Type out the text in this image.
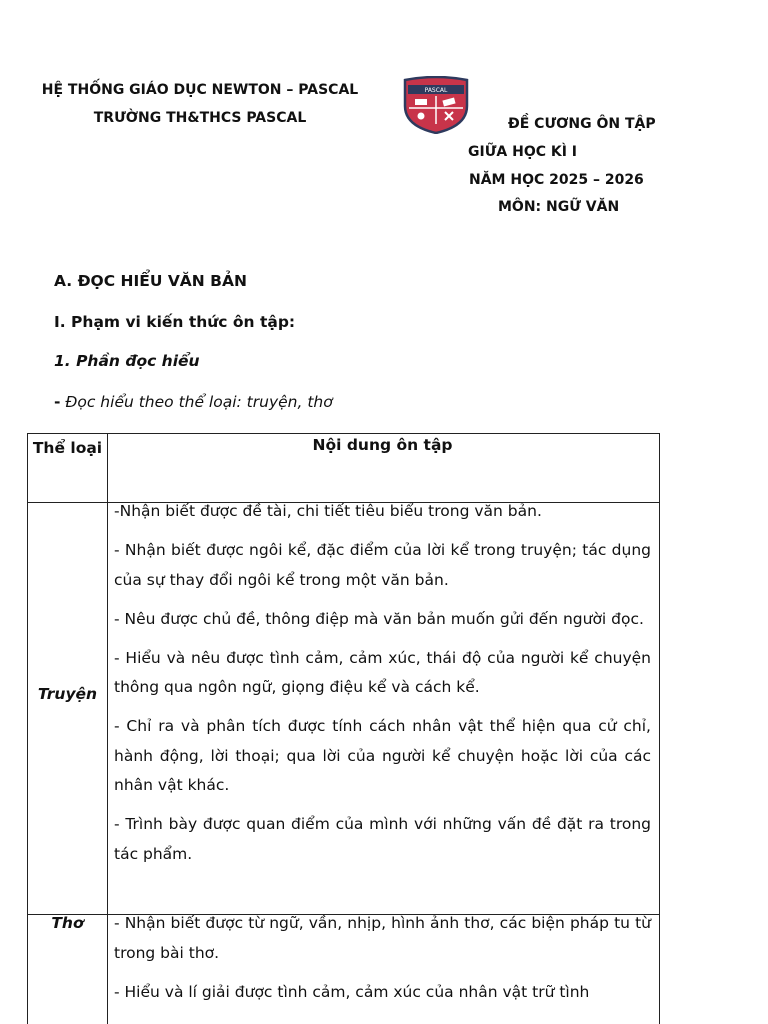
HỆ THỐNG GIÁO DỤC NEWTON – PASCAL
TRƯỜNG TH&THCS PASCAL
PASCAL
ĐỀ CƯƠNG ÔN TẬP
GIỮA HỌC KÌ I
NĂM HỌC 2025 – 2026
MÔN: NGỮ VĂN
A. ĐỌC HIỂU VĂN BẢN
I. Phạm vi kiến thức ôn tập:
1. Phần đọc hiểu
- Đọc hiểu theo thể loại: truyện, thơ
Thể loại	Nội dung ôn tập
Truyện
-Nhận biết được đề tài, chi tiết tiêu biểu trong văn bản.
- Nhận biết được ngôi kể, đặc điểm của lời kể trong truyện; tác dụng của sự thay đổi ngôi kể trong một văn bản.
- Nêu được chủ đề, thông điệp mà văn bản muốn gửi đến người đọc.
- Hiểu và nêu được tình cảm, cảm xúc, thái độ của người kể chuyện thông qua ngôn ngữ, giọng điệu kể và cách kể.
- Chỉ ra và phân tích được tính cách nhân vật thể hiện qua cử chỉ, hành động, lời thoại; qua lời của người kể chuyện hoặc lời của các nhân vật khác.
- Trình bày được quan điểm của mình với những vấn đề đặt ra trong tác phẩm.
Thơ	- Nhận biết được từ ngữ, vần, nhịp, hình ảnh thơ, các biện pháp tu từ trong bài thơ.
- Hiểu và lí giải được tình cảm, cảm xúc của nhân vật trữ tình
